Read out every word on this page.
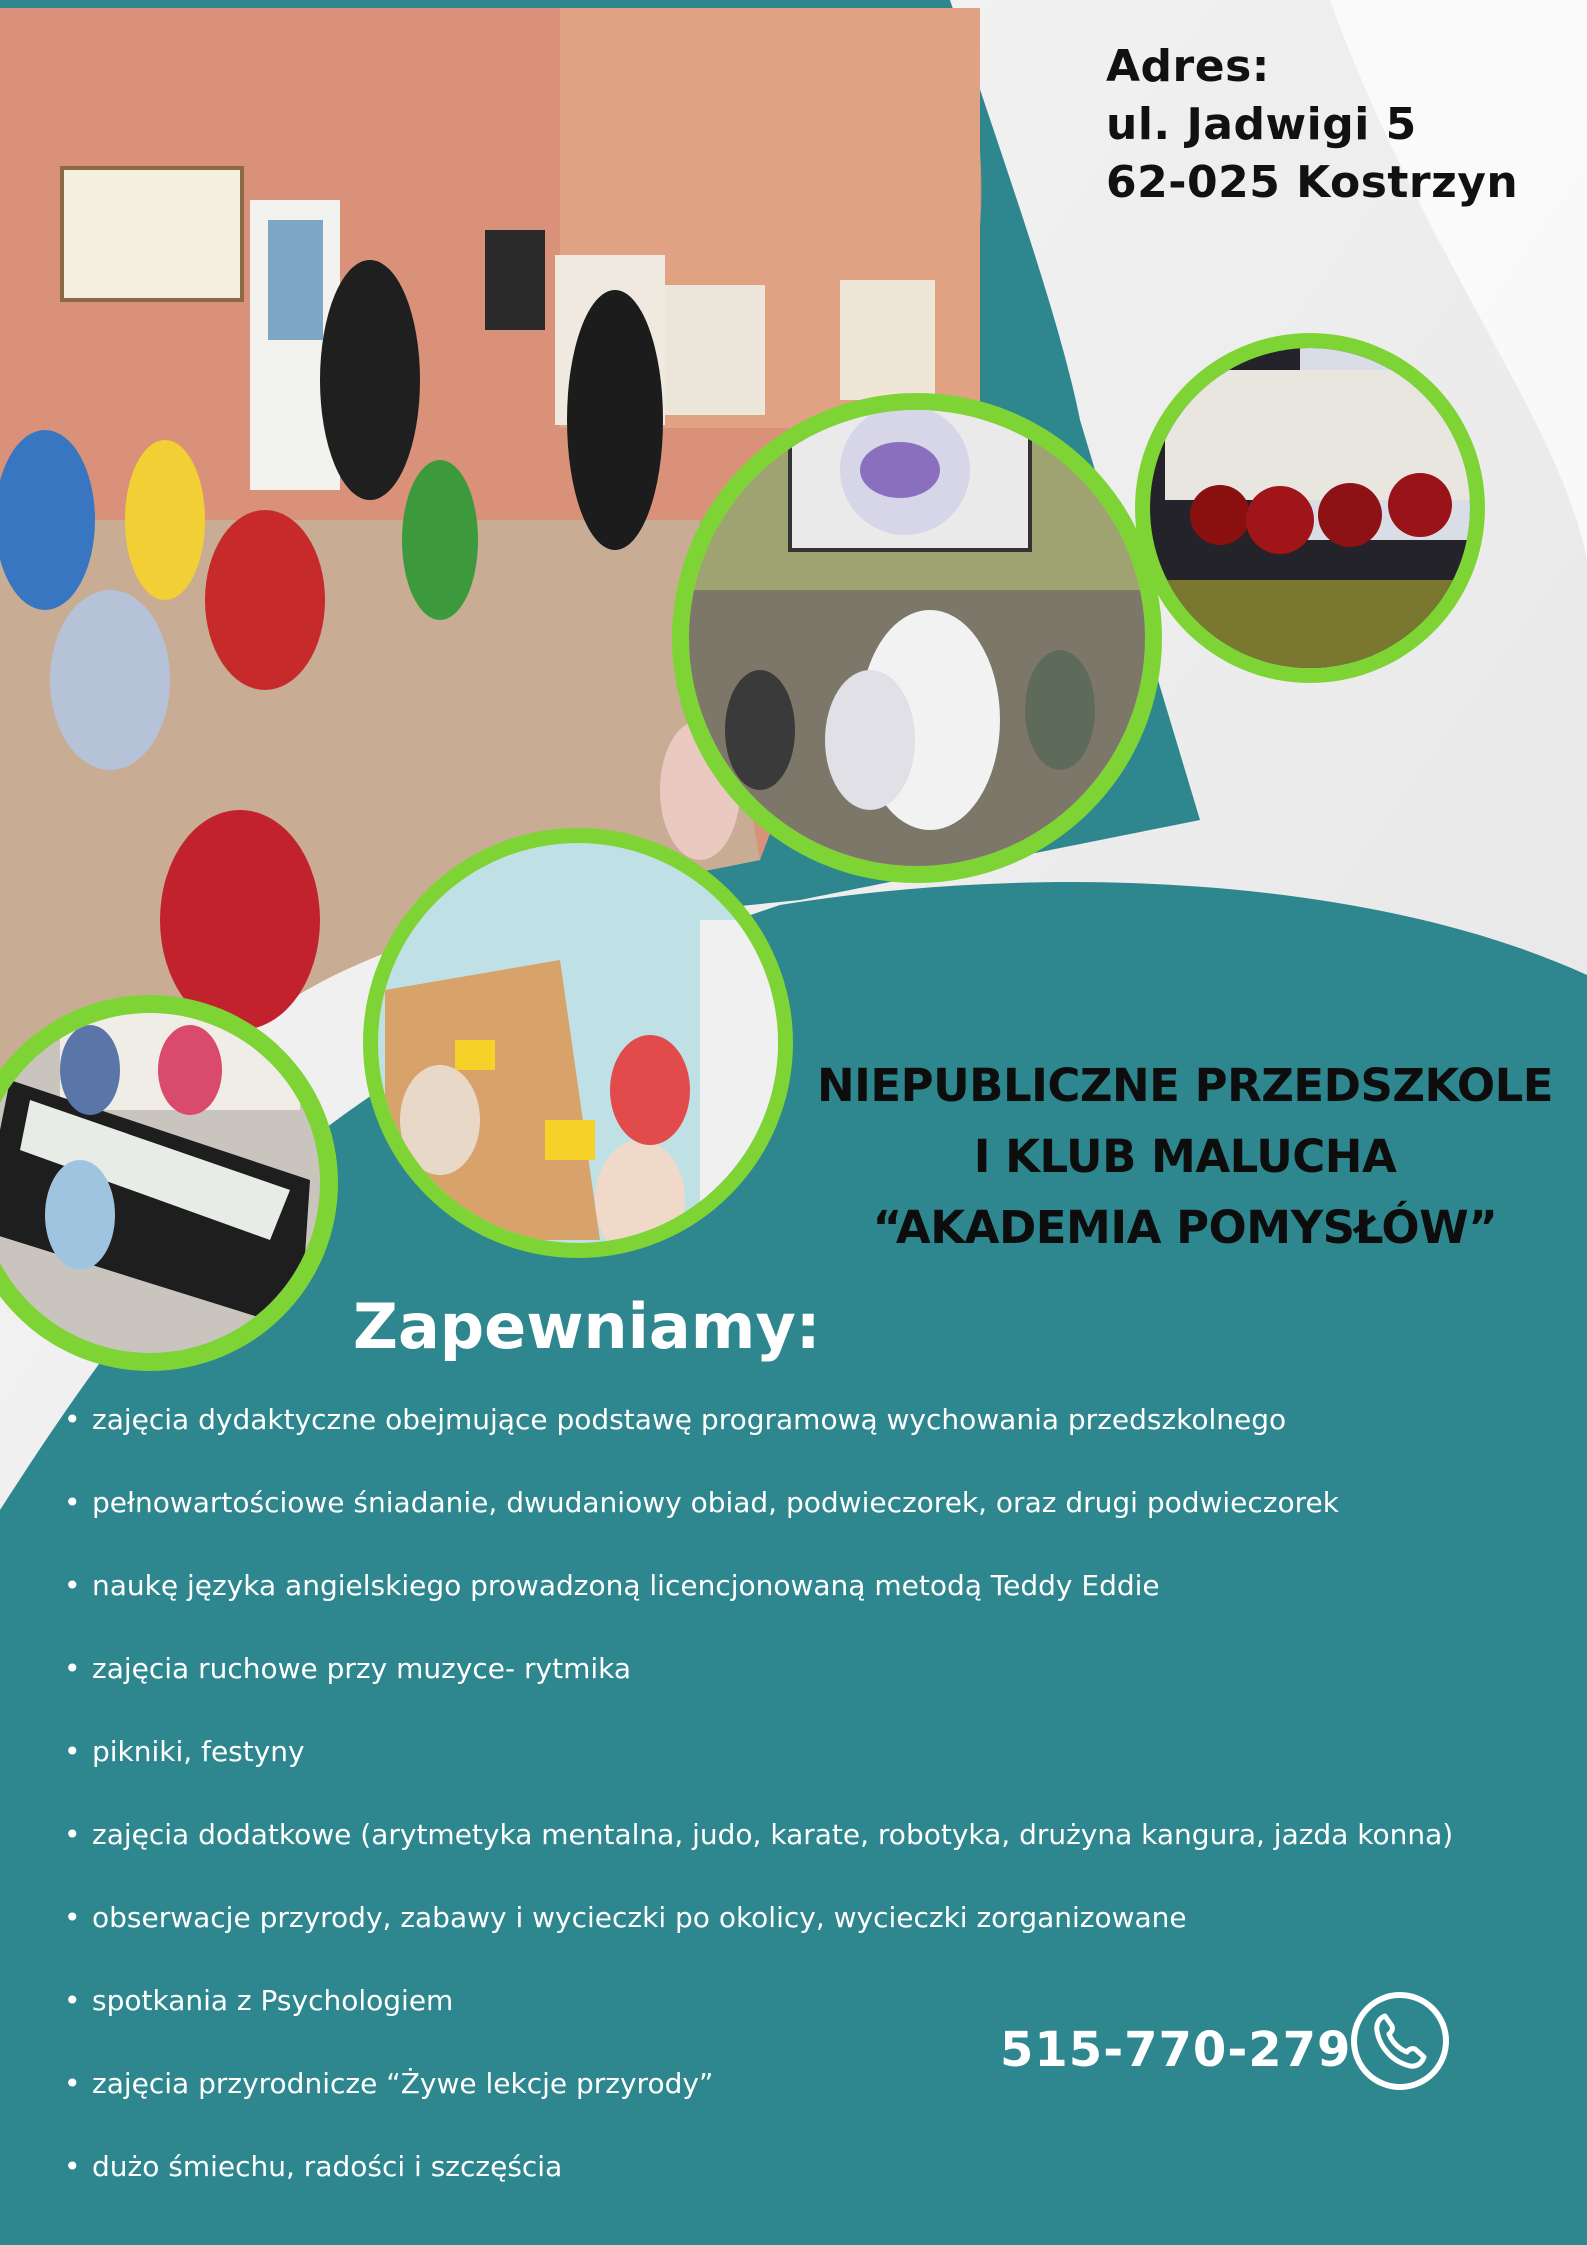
Adres:
ul. Jadwigi 5
62-025 Kostrzyn
NIEPUBLICZNE PRZEDSZKOLE
I KLUB MALUCHA
“AKADEMIA POMYSŁÓW”
Zapewniamy:
• zajęcia dydaktyczne obejmujące podstawę programową wychowania przedszkolnego
• pełnowartościowe śniadanie, dwudaniowy obiad, podwieczorek, oraz drugi podwieczorek
• naukę języka angielskiego prowadzoną licencjonowaną metodą Teddy Eddie
• zajęcia ruchowe przy muzyce- rytmika
• pikniki, festyny
• zajęcia dodatkowe (arytmetyka mentalna, judo, karate, robotyka, drużyna kangura, jazda konna)
• obserwacje przyrody, zabawy i wycieczki po okolicy, wycieczki zorganizowane
• spotkania z Psychologiem
• zajęcia przyrodnicze “Żywe lekcje przyrody”
• dużo śmiechu, radości i szczęścia
515-770-279
